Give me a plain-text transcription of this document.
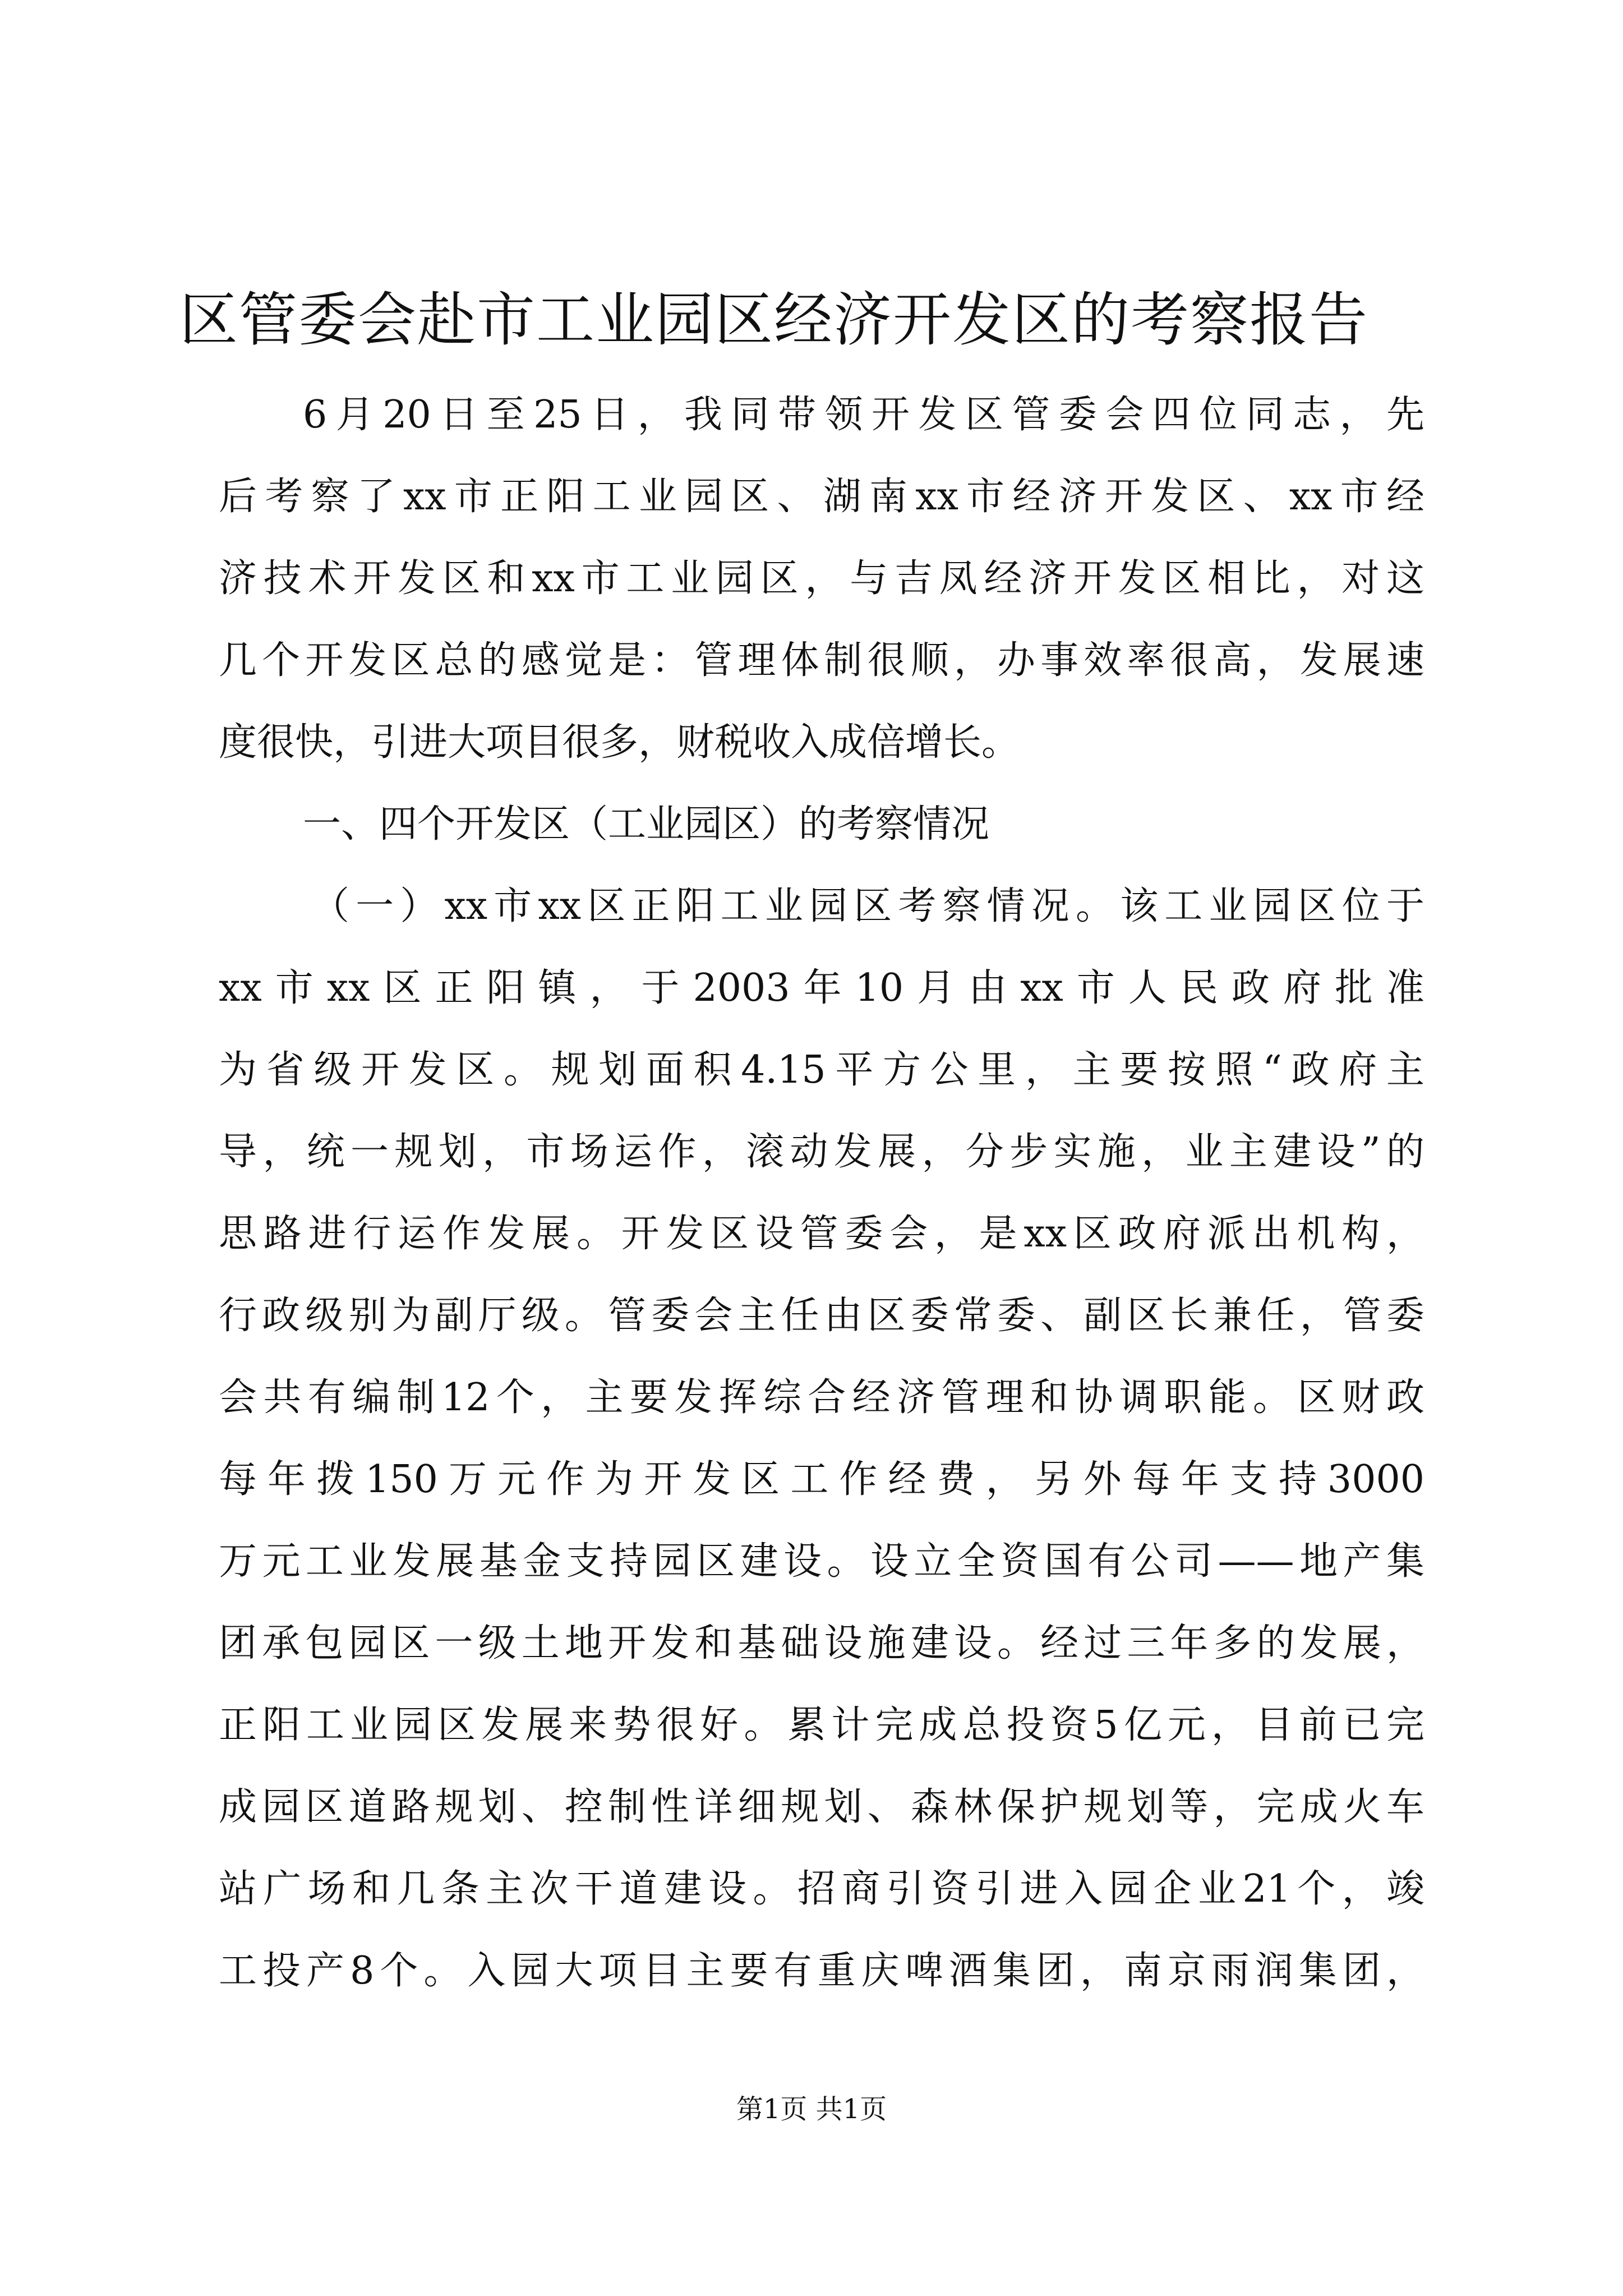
区管委会赴市工业园区经济开发区的考察报告

6月20日至25日，我同带领开发区管委会四位同志，先

后考察了xx市正阳工业园区、湖南xx市经济开发区、xx市经

济技术开发区和xx市工业园区，与吉凤经济开发区相比，对这

几个开发区总的感觉是：管理体制很顺，办事效率很高，发展速

度很快，引进大项目很多，财税收入成倍增长。

一、四个开发区（工业园区）的考察情况

（一）xx市xx区正阳工业园区考察情况。该工业园区位于

xx市xx区正阳镇，于2003年10月由xx市人民政府批准

为省级开发区。规划面积4.15平方公里，主要按照“政府主

导，统一规划，市场运作，滚动发展，分步实施，业主建设”的

思路进行运作发展。开发区设管委会，是xx区政府派出机构，

行政级别为副厅级。管委会主任由区委常委、副区长兼任，管委

会共有编制12个，主要发挥综合经济管理和协调职能。区财政

每年拨150万元作为开发区工作经费，另外每年支持3000

万元工业发展基金支持园区建设。设立全资国有公司——地产集

团承包园区一级土地开发和基础设施建设。经过三年多的发展，

正阳工业园区发展来势很好。累计完成总投资5亿元，目前已完

成园区道路规划、控制性详细规划、森林保护规划等，完成火车

站广场和几条主次干道建设。招商引资引进入园企业21个，竣

工投产8个。入园大项目主要有重庆啤酒集团，南京雨润集团，

第1页 共1页
